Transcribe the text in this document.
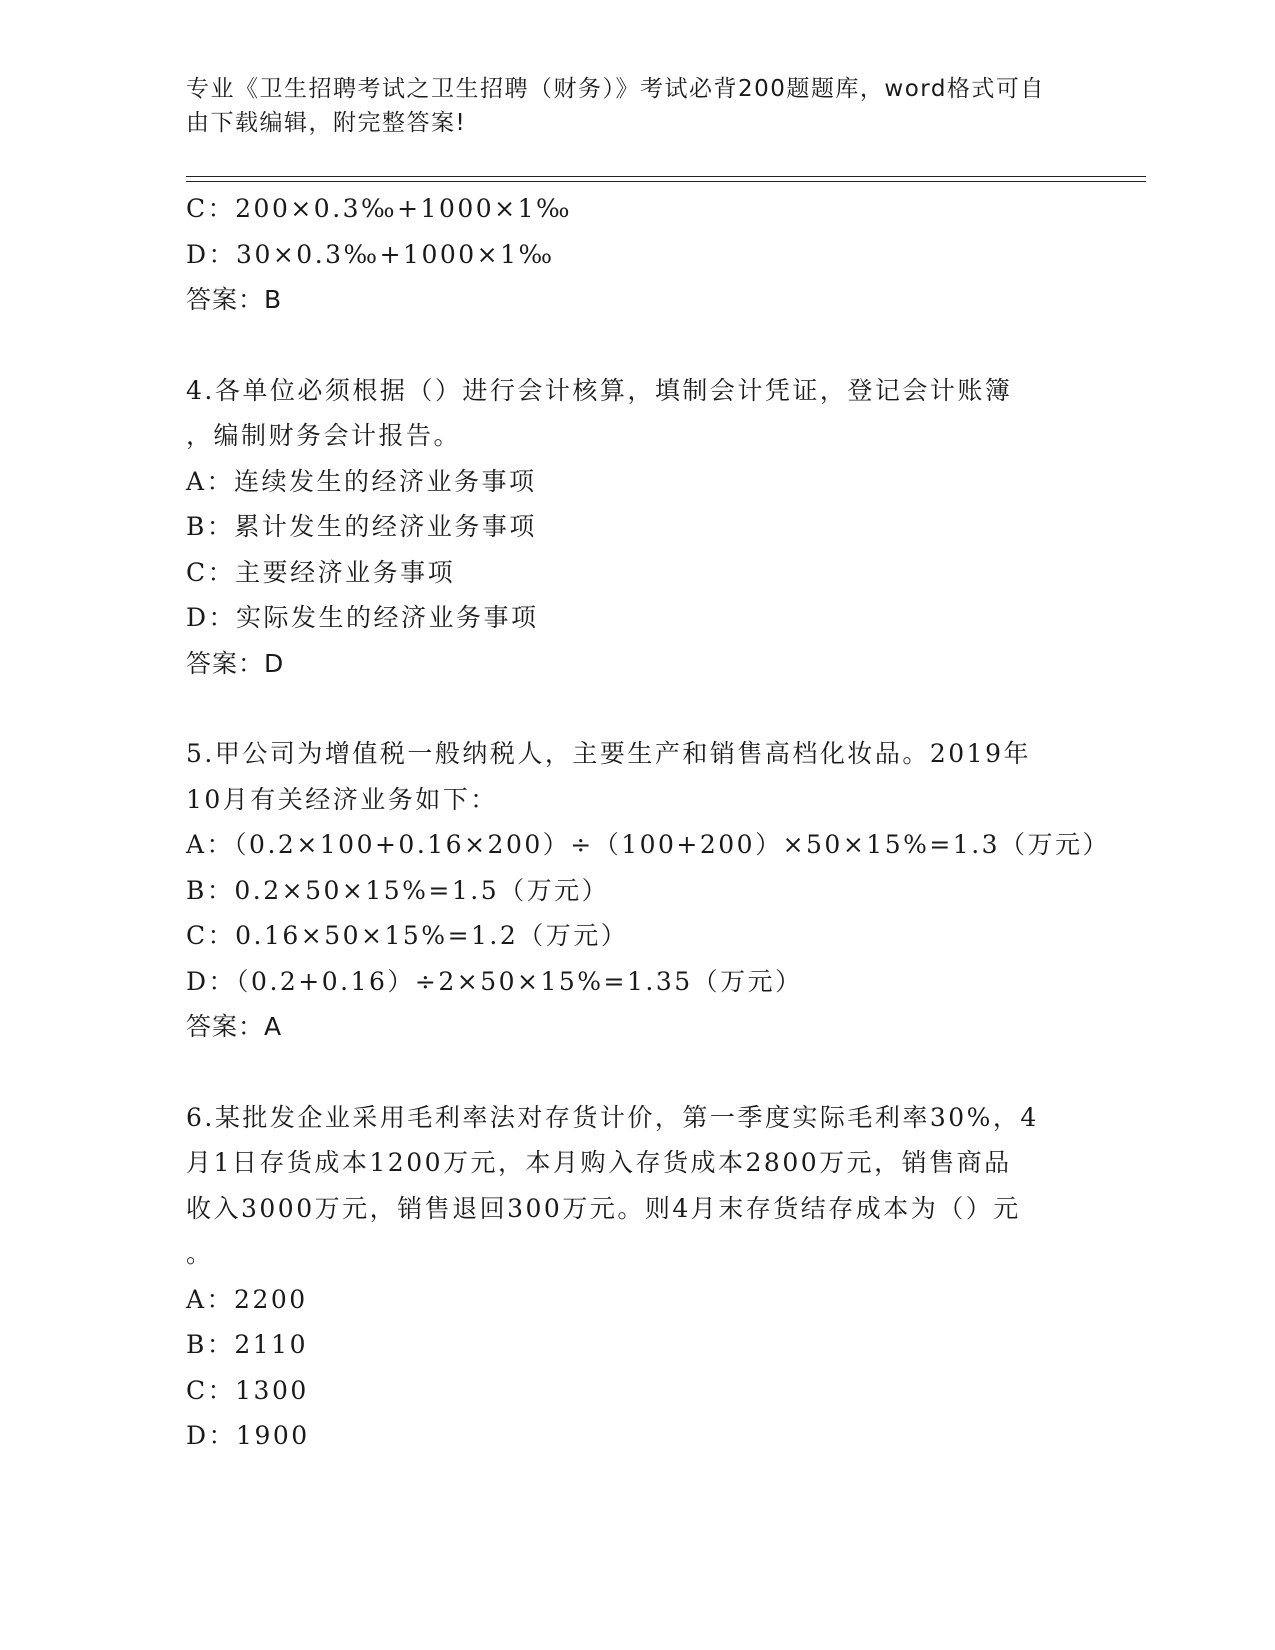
专业《卫生招聘考试之卫生招聘（财务）》考试必背200题题库，word格式可自
由下载编辑，附完整答案!
C：200×0.3‰+1000×1‰
D：30×0.3‰+1000×1‰
答案：B
4.各单位必须根据（）进行会计核算，填制会计凭证，登记会计账簿
，编制财务会计报告。
A：连续发生的经济业务事项
B：累计发生的经济业务事项
C：主要经济业务事项
D：实际发生的经济业务事项
答案：D
5.甲公司为增值税一般纳税人，主要生产和销售高档化妆品。2019年
10月有关经济业务如下：
A：（0.2×100+0.16×200）÷（100+200）×50×15%=1.3（万元）
B：0.2×50×15%=1.5（万元）
C：0.16×50×15%=1.2（万元）
D：（0.2+0.16）÷2×50×15%=1.35（万元）
答案：A
6.某批发企业采用毛利率法对存货计价，第一季度实际毛利率30%，4
月1日存货成本1200万元，本月购入存货成本2800万元，销售商品
收入3000万元，销售退回300万元。则4月末存货结存成本为（）元
。
A：2200
B：2110
C：1300
D：1900
